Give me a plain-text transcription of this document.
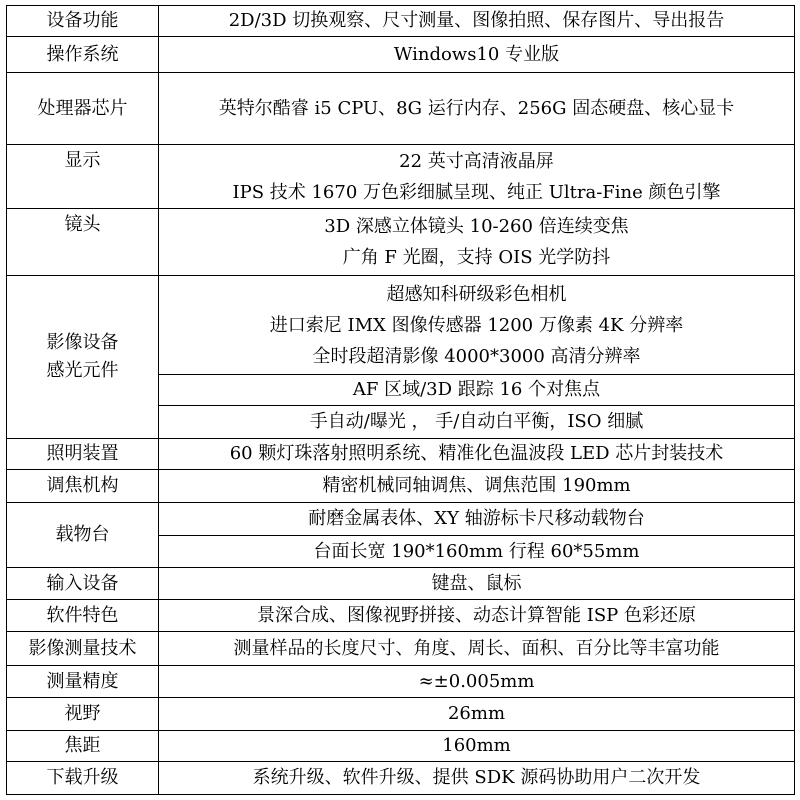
设备功能	2D/3D 切换观察、尺寸测量、图像拍照、保存图片、导出报告
操作系统	Windows10 专业版
处理器芯片	英特尔酷睿 i5 CPU、8G 运行内存、256G 固态硬盘、核心显卡
显示	22 英寸高清液晶屏
IPS 技术 1670 万色彩细腻呈现、纯正 Ultra-Fine 颜色引擎

镜头	3D 深感立体镜头 10-260 倍连续变焦
广角 F 光圈，支持 OIS 光学防抖

影像设备
感光元件	超感知科研级彩色相机
进口索尼 IMX 图像传感器 1200 万像素 4K 分辨率
全时段超清影像 4000*3000 高清分辨率

	AF 区域/3D 跟踪 16 个对焦点
	手自动/曝光 ， 手/自动白平衡，ISO 细腻
照明装置	60 颗灯珠落射照明系统、精准化色温波段 LED 芯片封装技术
调焦机构	精密机械同轴调焦、调焦范围 190mm
载物台	耐磨金属表体、XY 轴游标卡尺移动载物台
	台面长宽 190*160mm 行程 60*55mm
输入设备	键盘、鼠标
软件特色	景深合成、图像视野拼接、动态计算智能 ISP 色彩还原
影像测量技术	测量样品的长度尺寸、角度、周长、面积、百分比等丰富功能
测量精度	≈±0.005mm
视野	26mm
焦距	160mm
下载升级	系统升级、软件升级、提供 SDK 源码协助用户二次开发
